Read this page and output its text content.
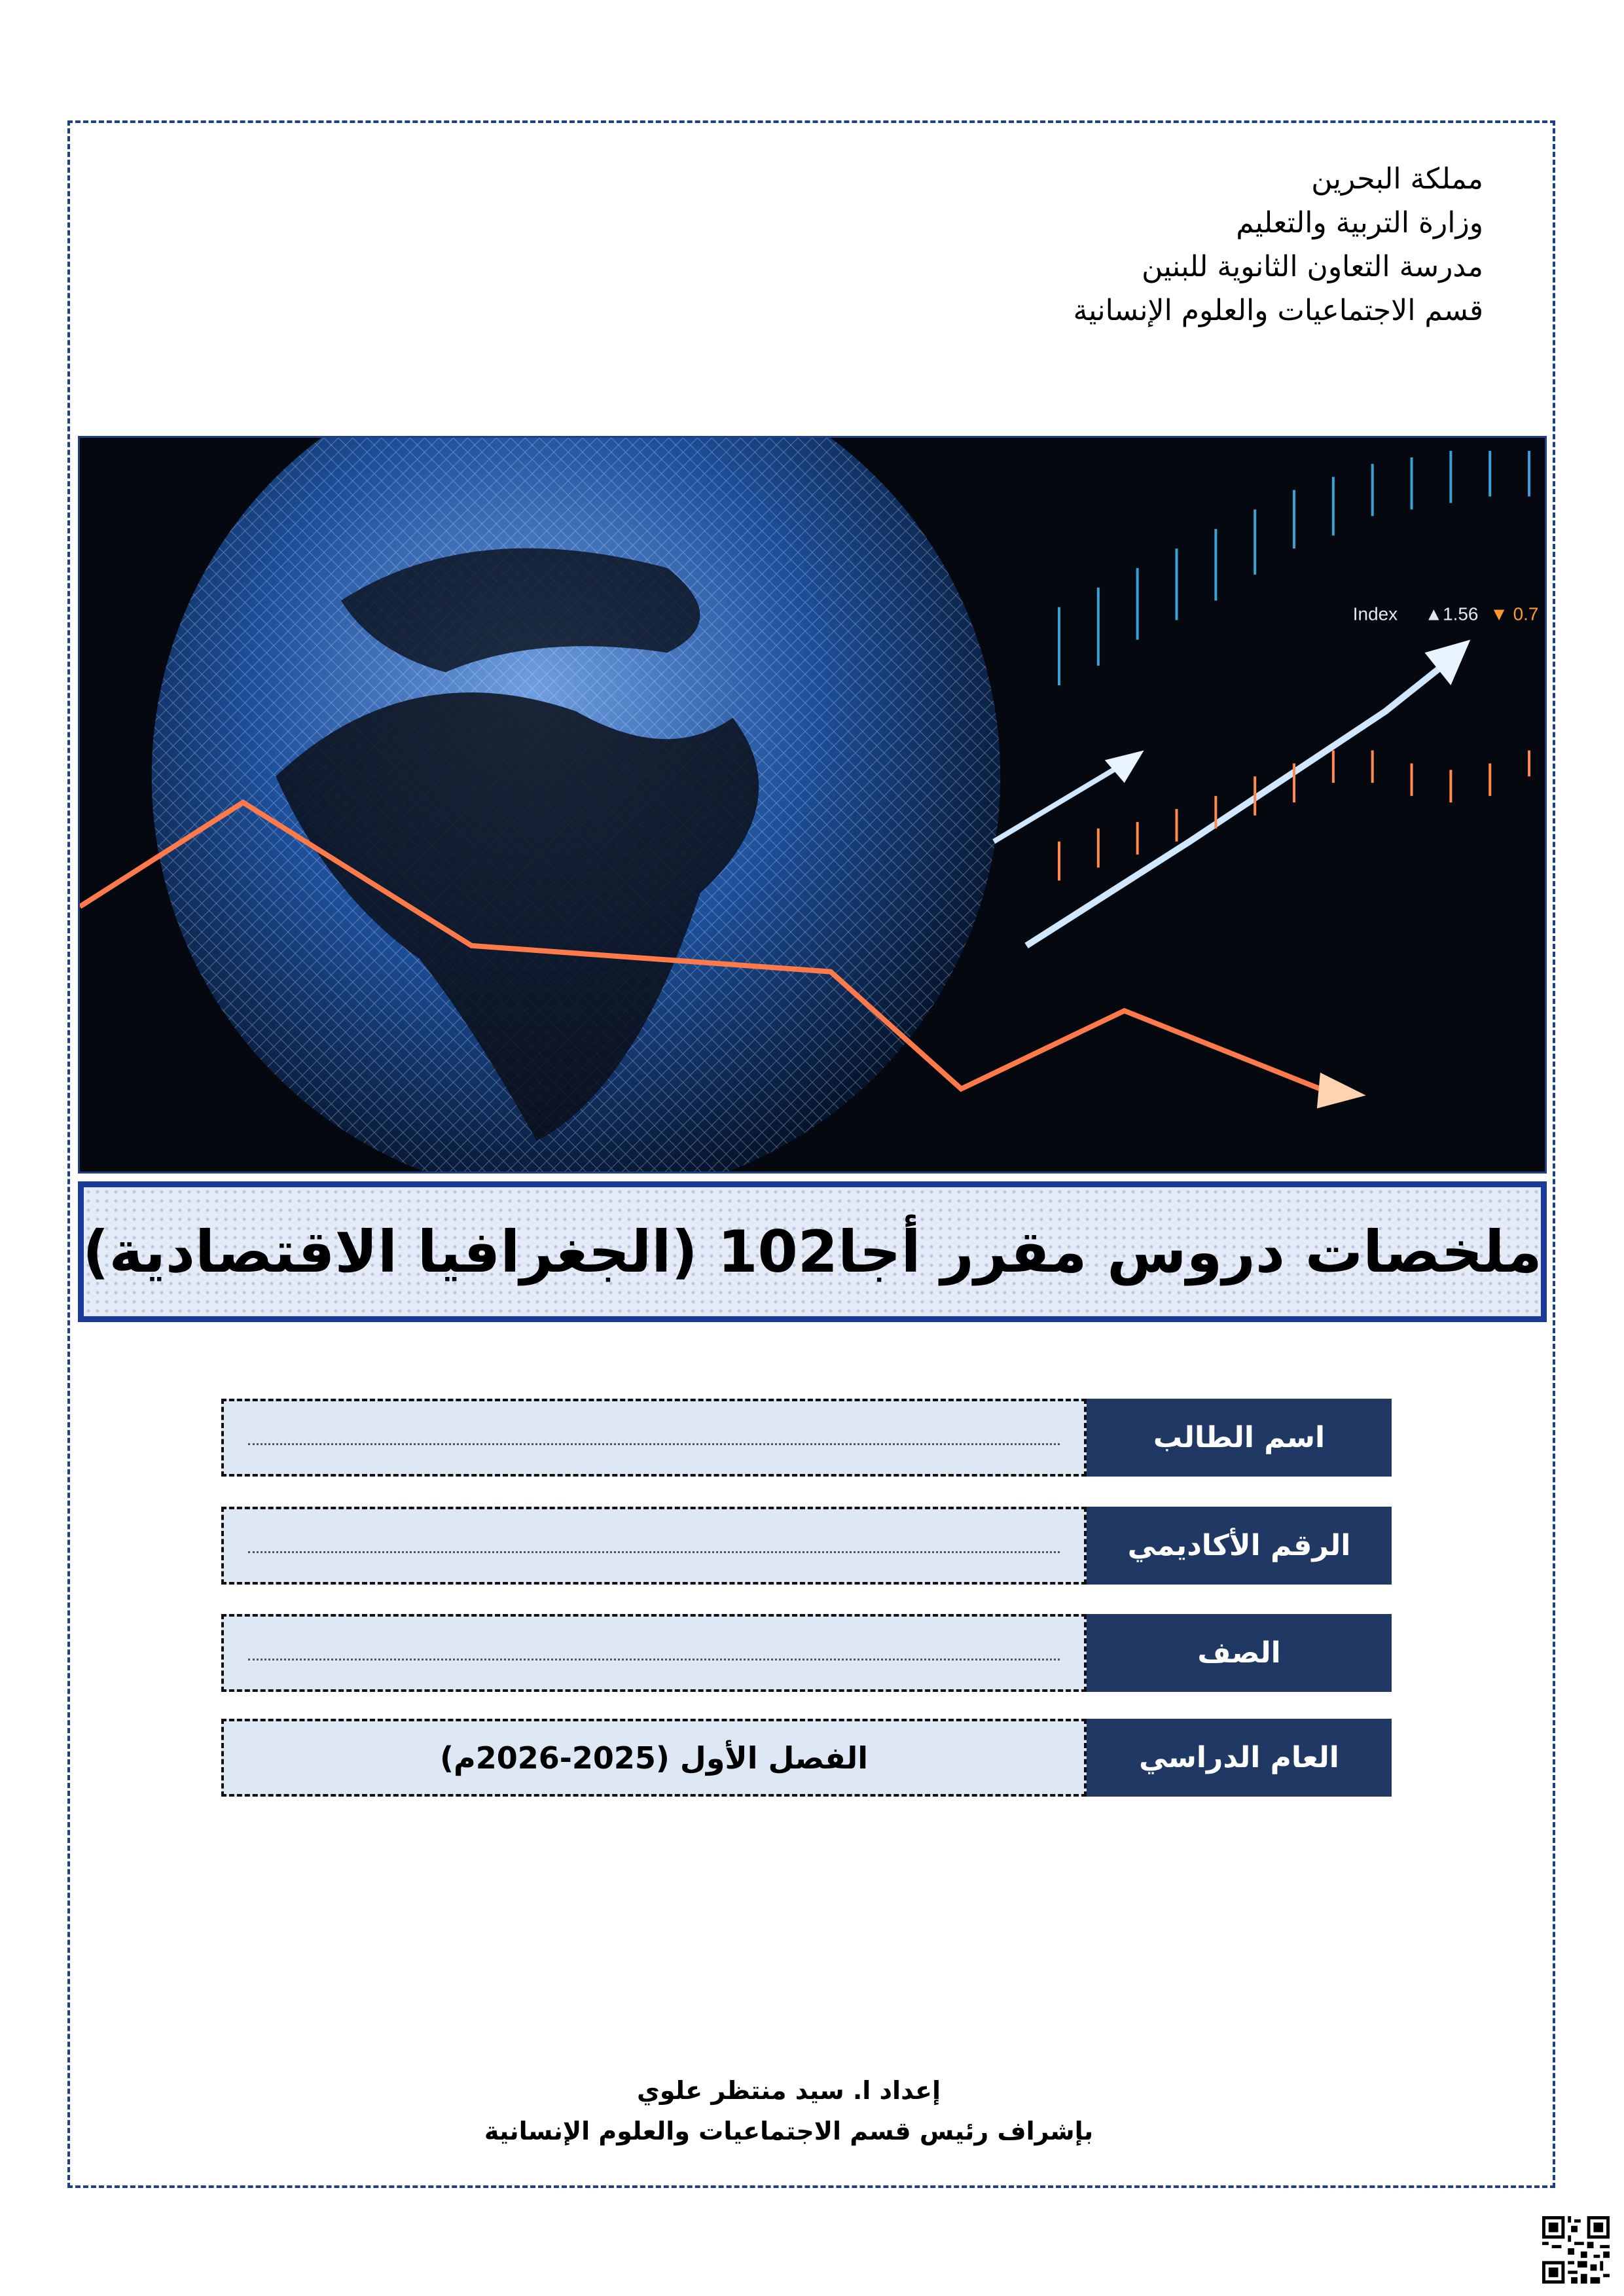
مملكة البحرين
وزارة التربية والتعليم
مدرسة التعاون الثانوية للبنين
قسم الاجتماعيات والعلوم الإنسانية
Index ▲1.56 ▼ 0.7
ملخصات دروس مقرر أجا102 (الجغرافيا الاقتصادية)
اسم الطالب
الرقم الأكاديمي
الصف
الفصل الأول (2025-2026م)	العام الدراسي
إعداد ا. سيد منتظر علوي
بإشراف رئيس قسم الاجتماعيات والعلوم الإنسانية
